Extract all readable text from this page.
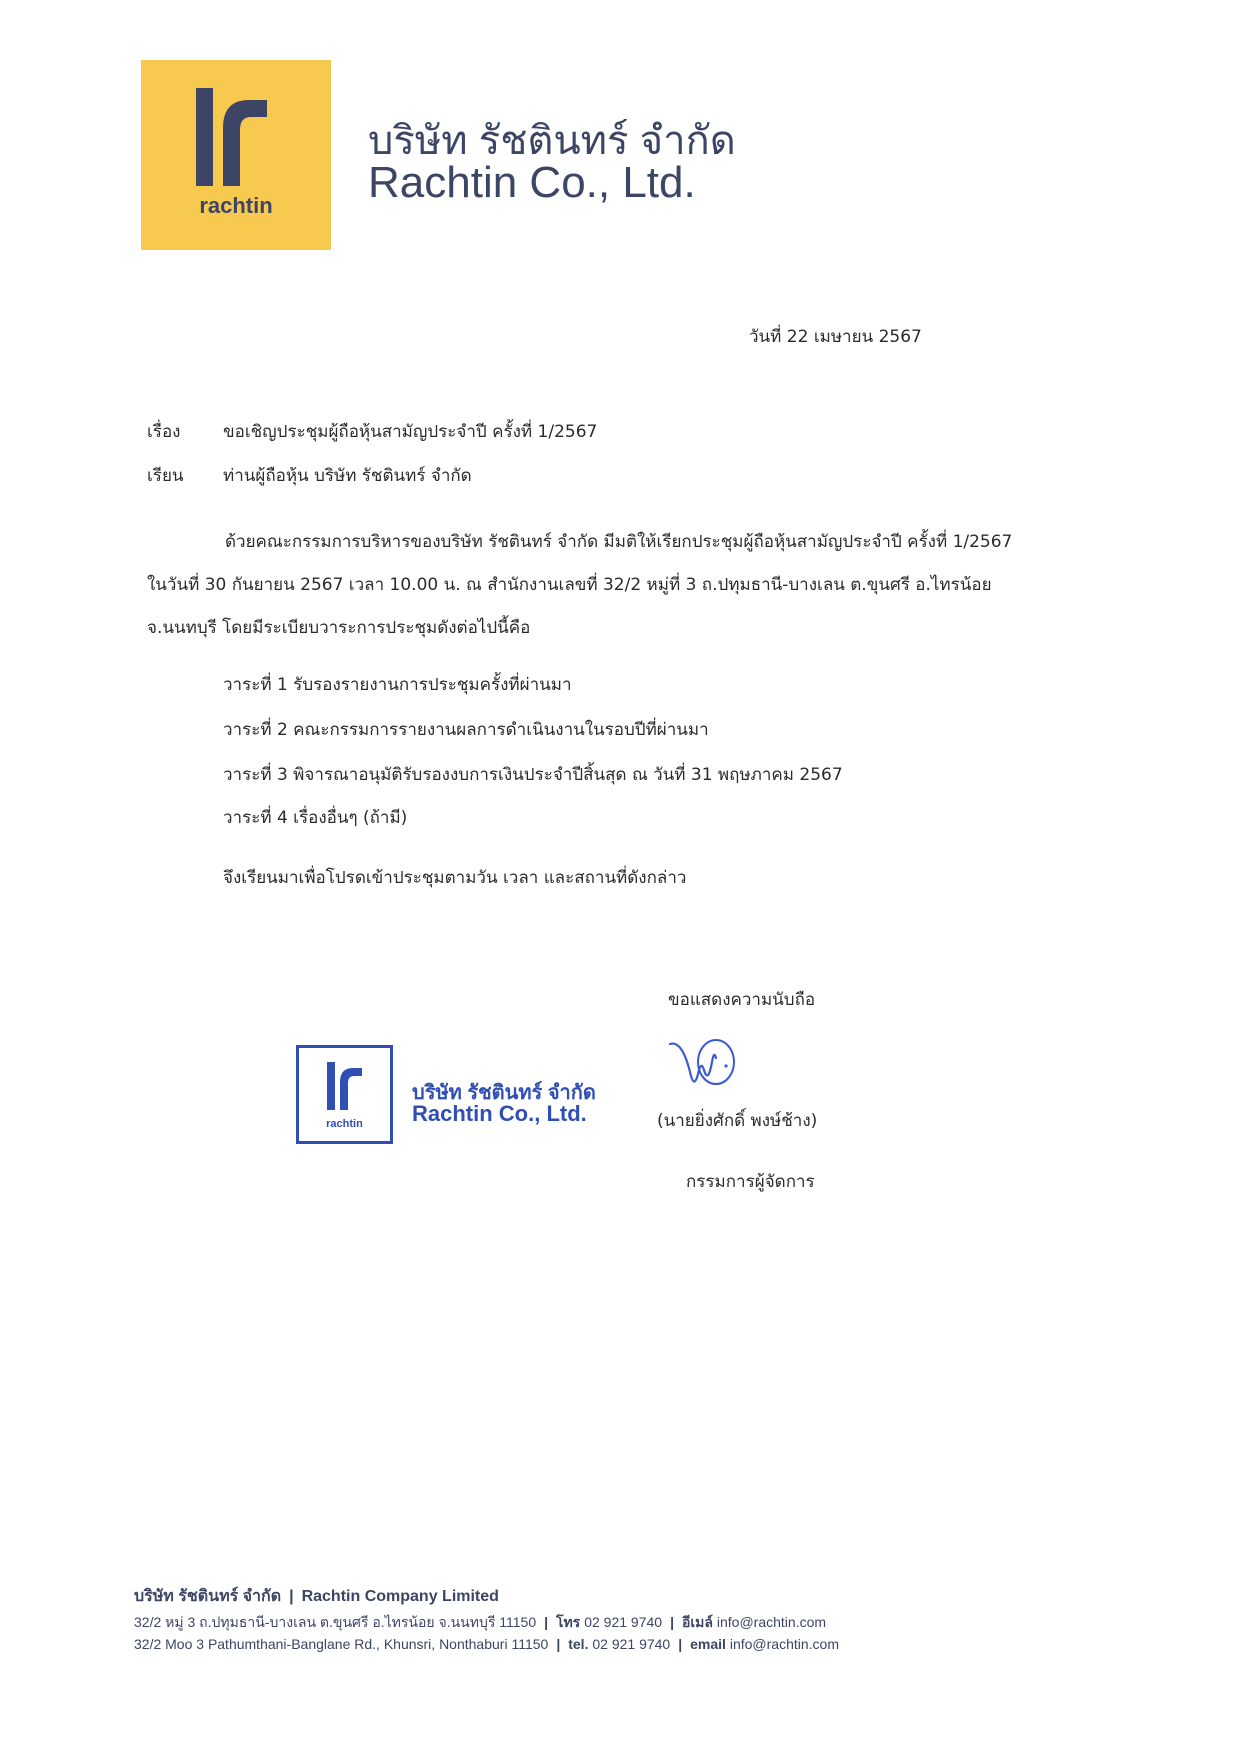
rachtin
บริษัท รัชตินทร์ จำกัด
Rachtin Co., Ltd.
วันที่ 22 เมษายน 2567
เรื่อง	ขอเชิญประชุมผู้ถือหุ้นสามัญประจำปี ครั้งที่ 1/2567
เรียน ท่านผู้ถือหุ้น บริษัท รัชตินทร์ จำกัด
ด้วยคณะกรรมการบริหารของบริษัท รัชตินทร์ จำกัด มีมติให้เรียกประชุมผู้ถือหุ้นสามัญประจำปี ครั้งที่ 1/2567
ในวันที่ 30 กันยายน 2567 เวลา 10.00 น. ณ สำนักงานเลขที่ 32/2 หมู่ที่ 3 ถ.ปทุมธานี-บางเลน ต.ขุนศรี อ.ไทรน้อย
จ.นนทบุรี โดยมีระเบียบวาระการประชุมดังต่อไปนี้คือ
วาระที่ 1 รับรองรายงานการประชุมครั้งที่ผ่านมา
วาระที่ 2 คณะกรรมการรายงานผลการดำเนินงานในรอบปีที่ผ่านมา
วาระที่ 3 พิจารณาอนุมัติรับรองงบการเงินประจำปีสิ้นสุด ณ วันที่ 31 พฤษภาคม 2567
วาระที่ 4 เรื่องอื่นๆ (ถ้ามี)
จึงเรียนมาเพื่อโปรดเข้าประชุมตามวัน เวลา และสถานที่ดังกล่าว
ขอแสดงความนับถือ
rachtin
บริษัท รัชตินทร์ จำกัด
Rachtin Co., Ltd.	(นายยิ่งศักดิ์ พงษ์ช้าง)
กรรมการผู้จัดการ
บริษัท รัชตินทร์ จำกัด | Rachtin Company Limited
32/2 หมู่ 3 ถ.ปทุมธานี-บางเลน ต.ขุนศรี อ.ไทรน้อย จ.นนทบุรี 11150 | โทร 02 921 9740 | อีเมล์ info@rachtin.com
32/2 Moo 3 Pathumthani-Banglane Rd., Khunsri, Nonthaburi 11150 | tel. 02 921 9740 | email info@rachtin.com
